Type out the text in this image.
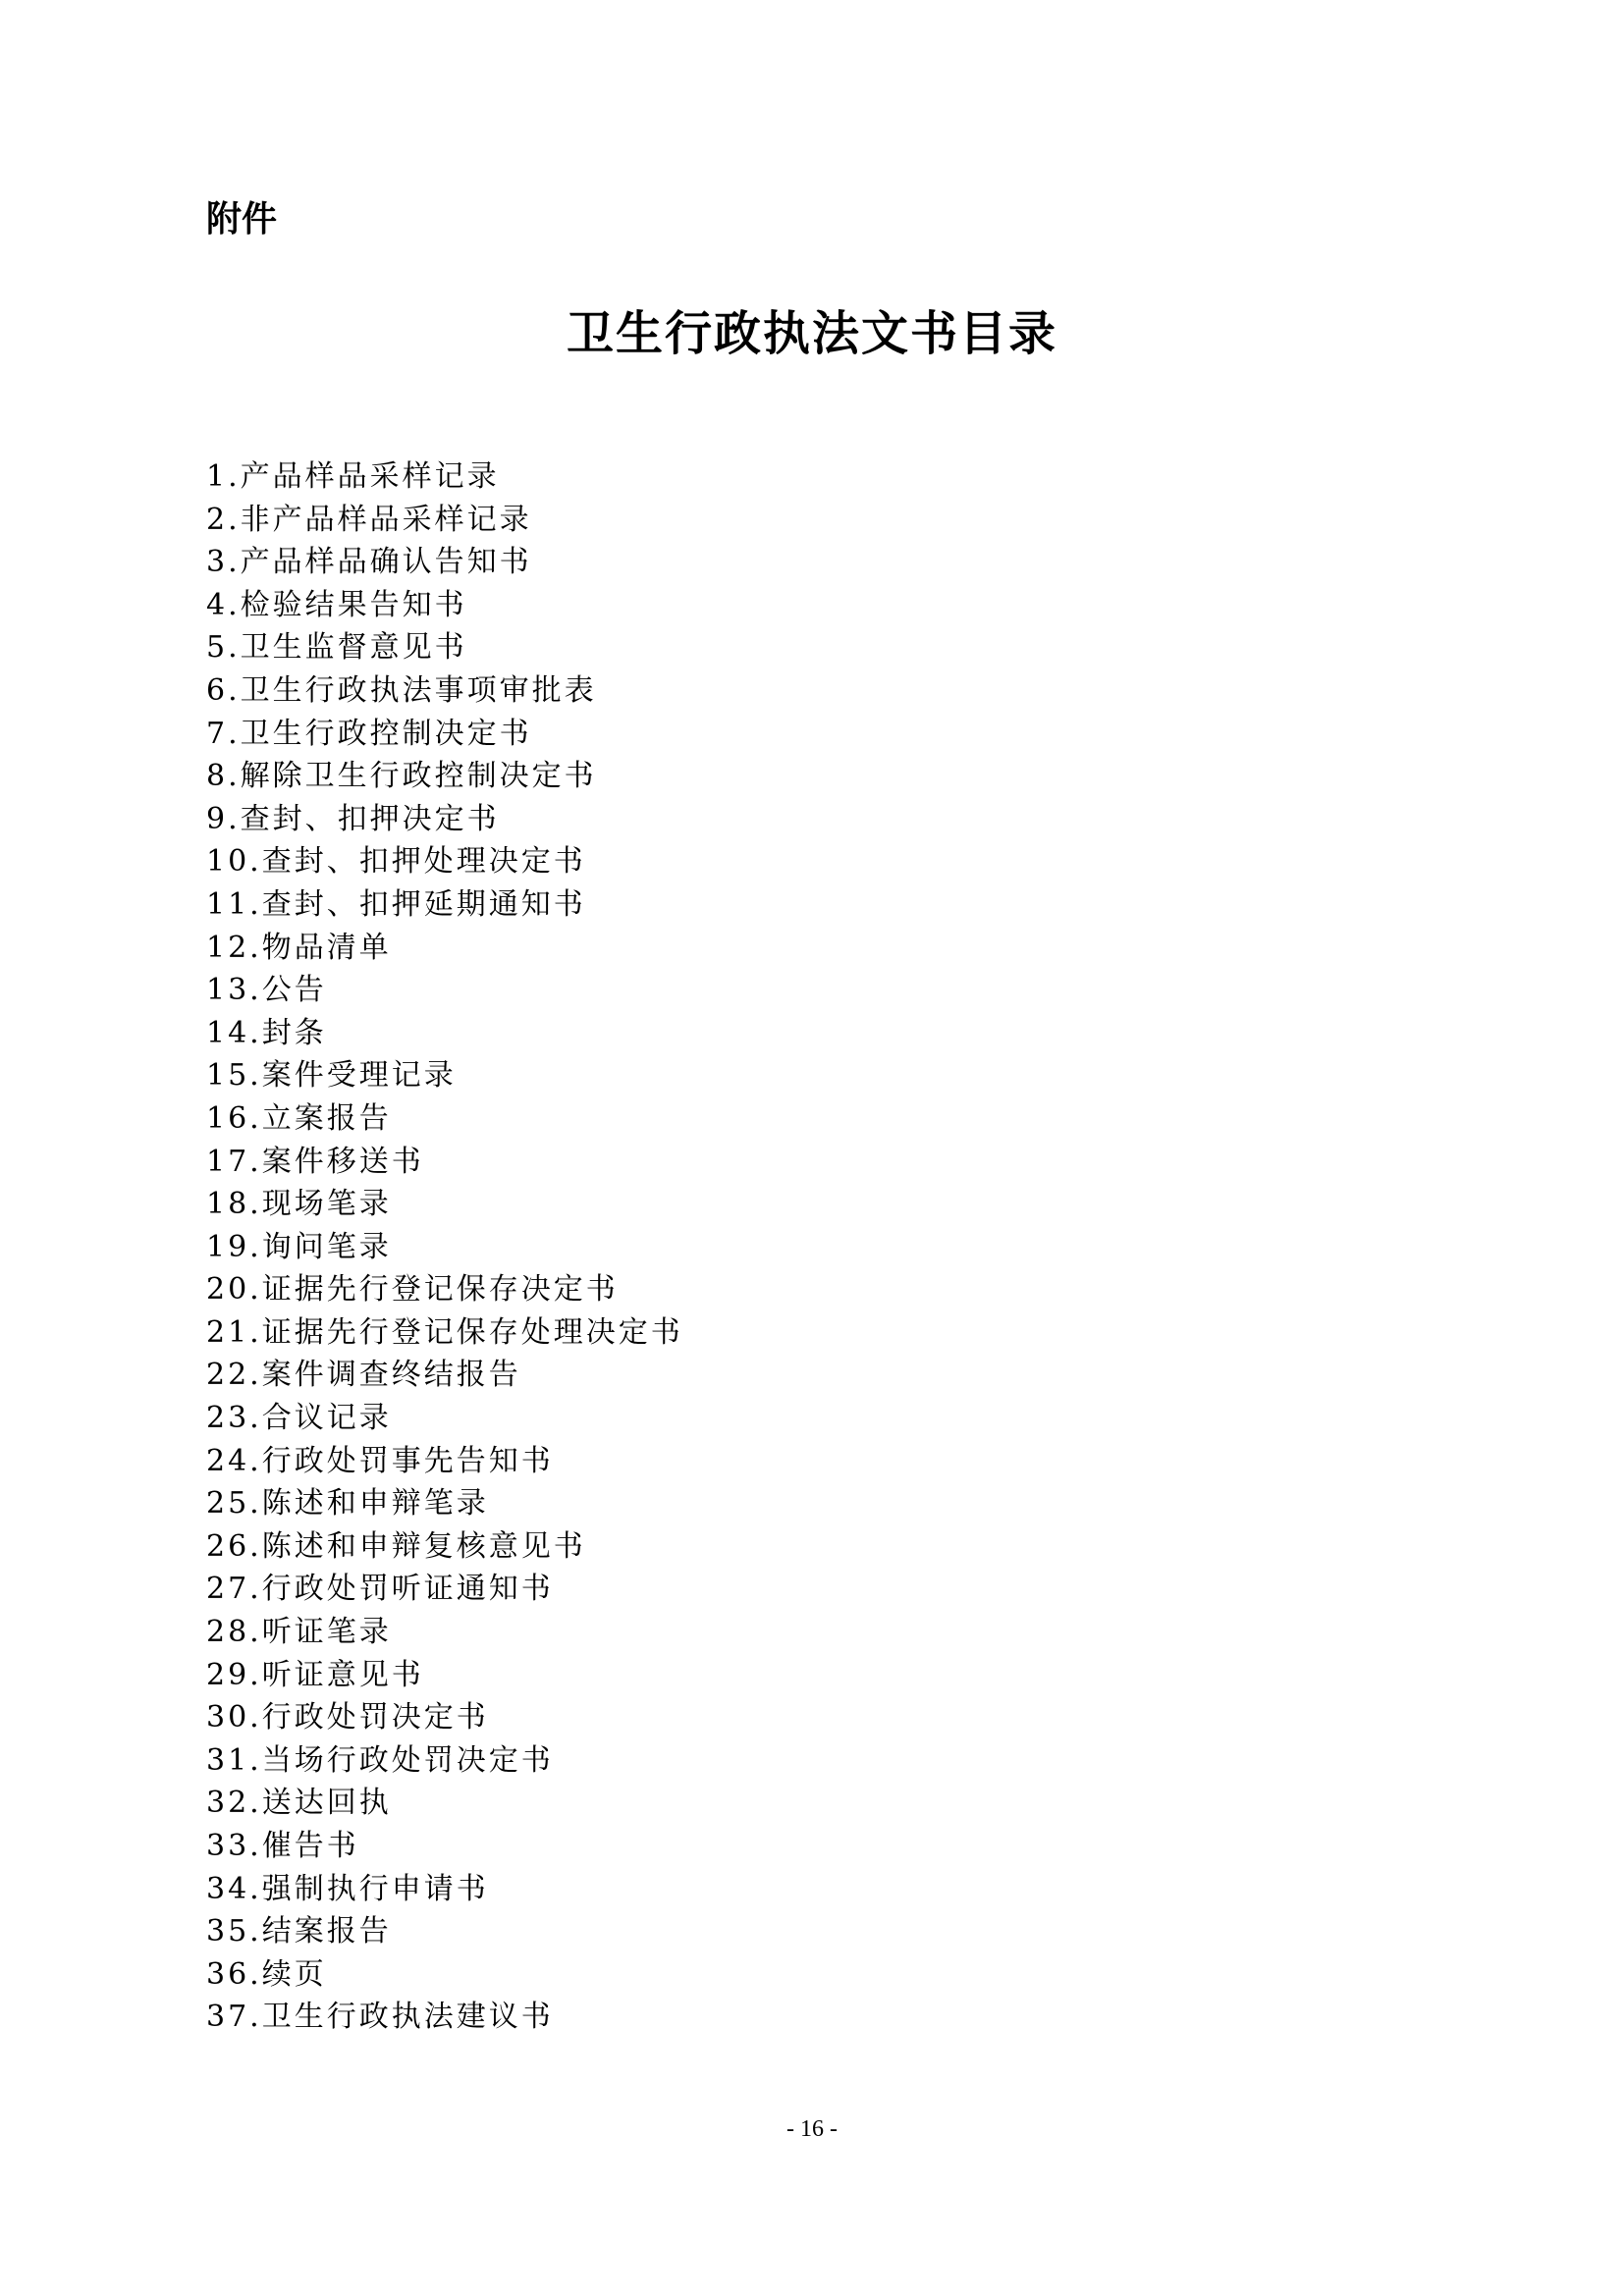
附件

卫生行政执法文书目录
1.产品样品采样记录
2.非产品样品采样记录
3.产品样品确认告知书
4.检验结果告知书
5.卫生监督意见书
6.卫生行政执法事项审批表
7.卫生行政控制决定书
8.解除卫生行政控制决定书
9.查封、扣押决定书
10.查封、扣押处理决定书
11.查封、扣押延期通知书
12.物品清单
13.公告
14.封条
15.案件受理记录
16.立案报告
17.案件移送书
18.现场笔录
19.询问笔录
20.证据先行登记保存决定书
21.证据先行登记保存处理决定书
22.案件调查终结报告
23.合议记录
24.行政处罚事先告知书
25.陈述和申辩笔录
26.陈述和申辩复核意见书
27.行政处罚听证通知书
28.听证笔录
29.听证意见书
30.行政处罚决定书
31.当场行政处罚决定书
32.送达回执
33.催告书
34.强制执行申请书
35.结案报告
36.续页
37.卫生行政执法建议书

- 16 -
